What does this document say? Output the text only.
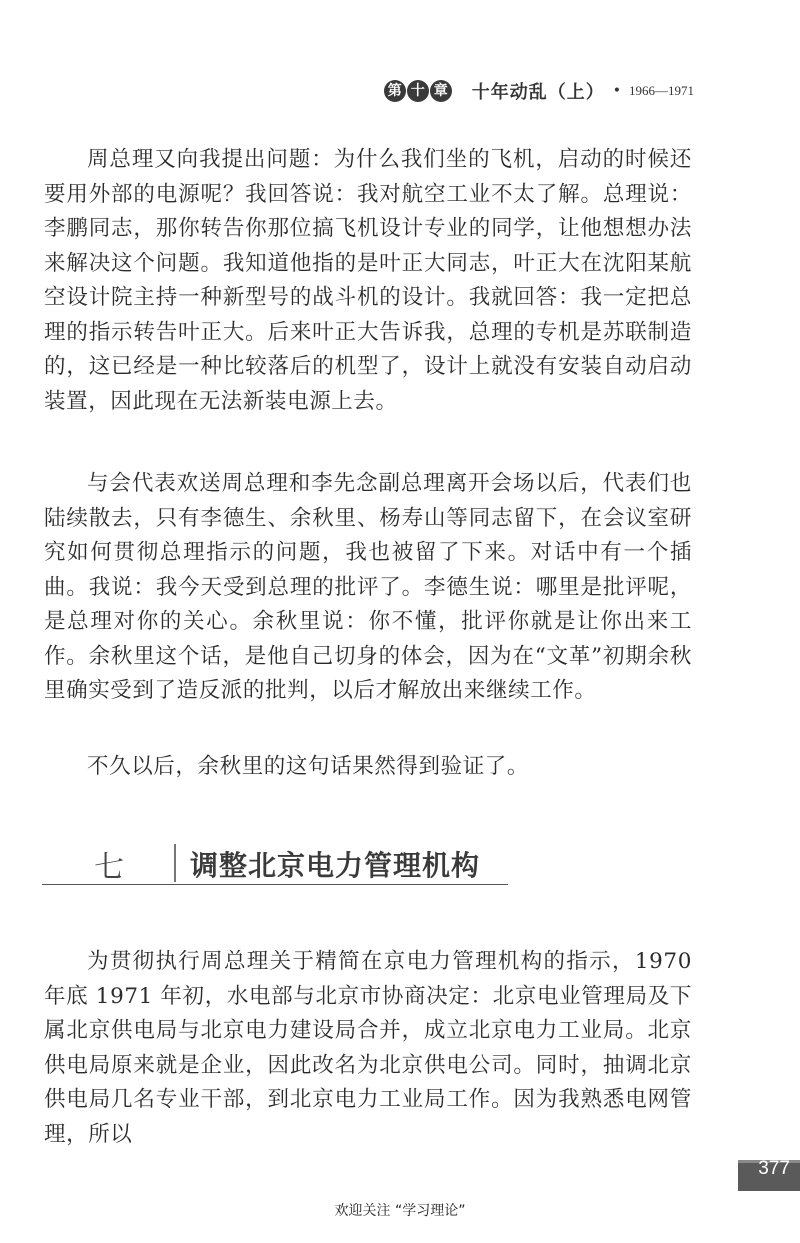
第 十 章 十年动乱（上） • 1966—1971

周总理又向我提出问题：为什么我们坐的飞机，启动的时候还要用外部的电源呢？我回答说：我对航空工业不太了解。总理说：李鹏同志，那你转告你那位搞飞机设计专业的同学，让他想想办法来解决这个问题。我知道他指的是叶正大同志，叶正大在沈阳某航空设计院主持一种新型号的战斗机的设计。我就回答：我一定把总理的指示转告叶正大。后来叶正大告诉我，总理的专机是苏联制造的，这已经是一种比较落后的机型了，设计上就没有安装自动启动装置，因此现在无法新装电源上去。

与会代表欢送周总理和李先念副总理离开会场以后，代表们也陆续散去，只有李德生、余秋里、杨寿山等同志留下，在会议室研究如何贯彻总理指示的问题，我也被留了下来。对话中有一个插曲。我说：我今天受到总理的批评了。李德生说：哪里是批评呢，是总理对你的关心。余秋里说：你不懂，批评你就是让你出来工作。余秋里这个话，是他自己切身的体会，因为在“文革”初期余秋里确实受到了造反派的批判，以后才解放出来继续工作。

不久以后，余秋里的这句话果然得到验证了。

七 调整北京电力管理机构

为贯彻执行周总理关于精简在京电力管理机构的指示，1970 年底 1971 年初，水电部与北京市协商决定：北京电业管理局及下属北京供电局与北京电力建设局合并，成立北京电力工业局。北京供电局原来就是企业，因此改名为北京供电公司。同时，抽调北京供电局几名专业干部，到北京电力工业局工作。因为我熟悉电网管理，所以

377
欢迎关注 “学习理论”
